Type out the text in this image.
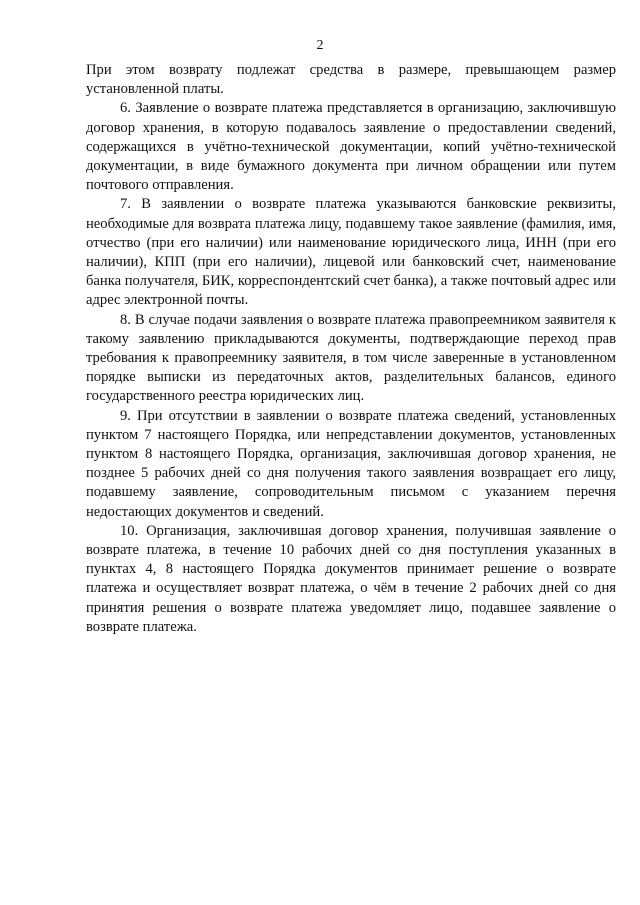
2

При этом возврату подлежат средства в размере, превышающем размер установленной платы.

6. Заявление о возврате платежа представляется в организацию, заключившую договор хранения, в которую подавалось заявление о предоставлении сведений, содержащихся в учётно-технической документации, копий учётно-технической документации, в виде бумажного документа при личном обращении или путем почтового отправления.

7. В заявлении о возврате платежа указываются банковские реквизиты, необходимые для возврата платежа лицу, подавшему такое заявление (фамилия, имя, отчество (при его наличии) или наименование юридического лица, ИНН (при его наличии), КПП (при его наличии), лицевой или банковский счет, наименование банка получателя, БИК, корреспондентский счет банка), а также почтовый адрес или адрес электронной почты.

8. В случае подачи заявления о возврате платежа правопреемником заявителя к такому заявлению прикладываются документы, подтверждающие переход прав требования к правопреемнику заявителя, в том числе заверенные в установленном порядке выписки из передаточных актов, разделительных балансов, единого государственного реестра юридических лиц.

9. При отсутствии в заявлении о возврате платежа сведений, установленных пунктом 7 настоящего Порядка, или непредставлении документов, установленных пунктом 8 настоящего Порядка, организация, заключившая договор хранения, не позднее 5 рабочих дней со дня получения такого заявления возвращает его лицу, подавшему заявление, сопроводительным письмом с указанием перечня недостающих документов и сведений.

10. Организация, заключившая договор хранения, получившая заявление о возврате платежа, в течение 10 рабочих дней со дня поступления указанных в пунктах 4, 8 настоящего Порядка документов принимает решение о возврате платежа и осуществляет возврат платежа, о чём в течение 2 рабочих дней со дня принятия решения о возврате платежа уведомляет лицо, подавшее заявление о возврате платежа.
